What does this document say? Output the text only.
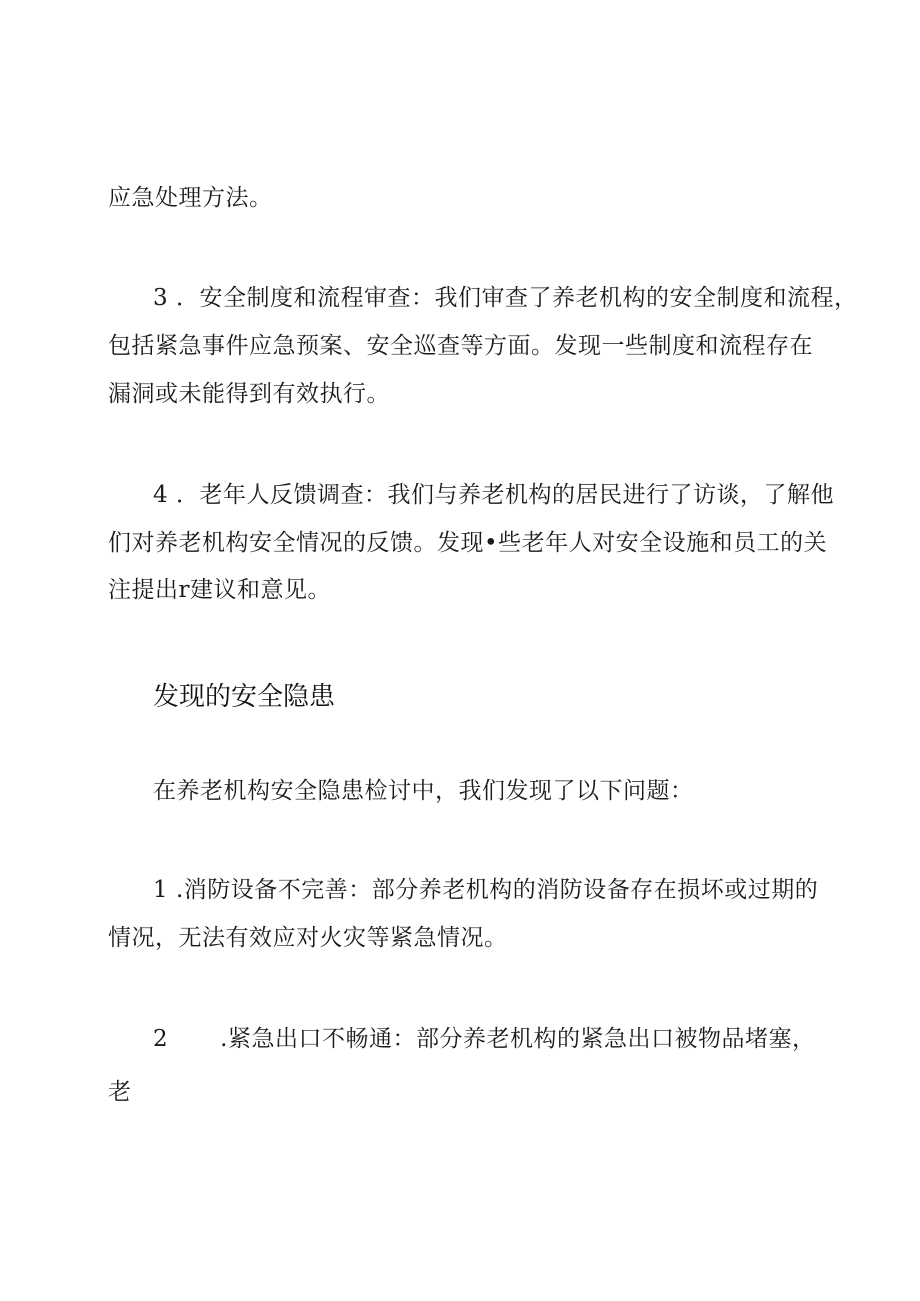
应急处理方法。
3 ．安全制度和流程审查：我们审查了养老机构的安全制度和流程，
包括紧急事件应急预案、安全巡查等方面。发现一些制度和流程存在
漏洞或未能得到有效执行。
4 ．老年人反馈调查：我们与养老机构的居民进行了访谈，了解他
们对养老机构安全情况的反馈。发现•些老年人对安全设施和员工的关
注提出r建议和意见。
发现的安全隐患
在养老机构安全隐患检讨中，我们发现了以下问题：
1 .消防设备不完善：部分养老机构的消防设备存在损坏或过期的
情况，无法有效应对火灾等紧急情况。
2 .紧急出口不畅通：部分养老机构的紧急出口被物品堵塞，
老
